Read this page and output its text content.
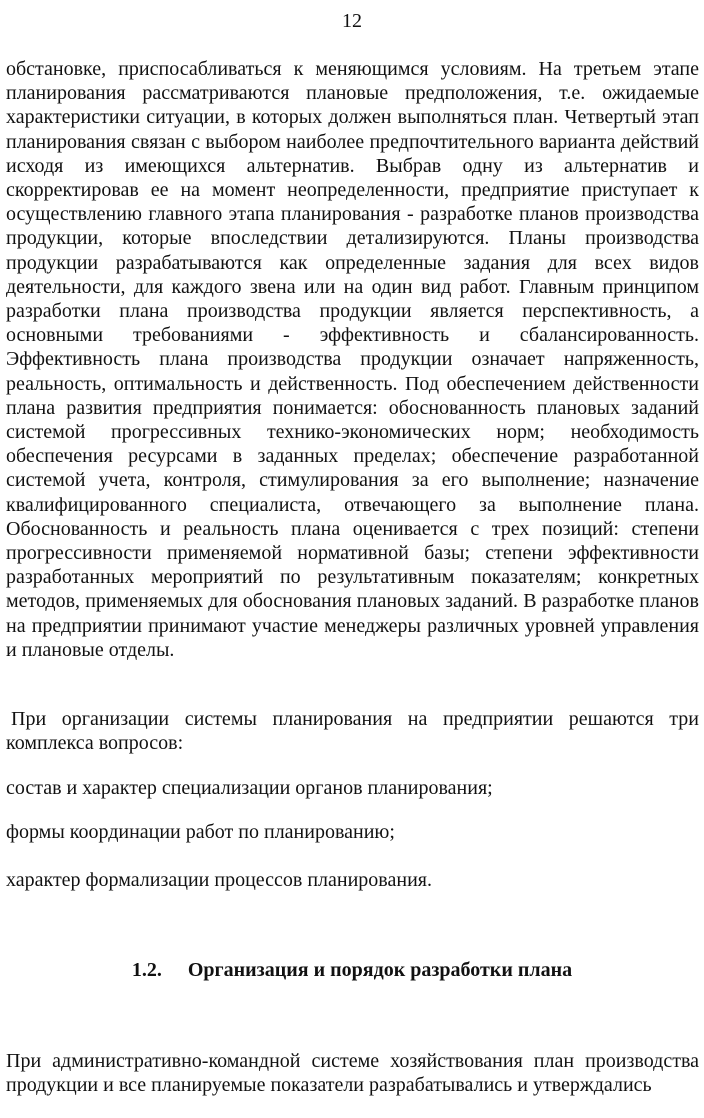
12

обстановке, приспосабливаться к меняющимся условиям. На третьем этапе планирования рассматриваются плановые предположения, т.е. ожидаемые характеристики ситуации, в которых должен выполняться план. Четвертый этап планирования связан с выбором наиболее предпочтительного варианта действий исходя из имеющихся альтернатив. Выбрав одну из альтернатив и скорректировав ее на момент неопределенности, предприятие приступает к осуществлению главного этапа планирования - разработке планов производства продукции, которые впоследствии детализируются. Планы производства продукции разрабатываются как определенные задания для всех видов деятельности, для каждого звена или на один вид работ. Главным принципом разработки плана производства продукции является перспективность, а основными требованиями - эффективность и сбалансированность. Эффективность плана производства продукции означает напряженность, реальность, оптимальность и действенность. Под обеспечением действенности плана развития предприятия понимается: обоснованность плановых заданий системой прогрессивных технико-экономических норм; необходимость обеспечения ресурсами в заданных пределах; обеспечение разработанной системой учета, контроля, стимулирования за его выполнение; назначение квалифицированного специалиста, отвечающего за выполнение плана. Обоснованность и реальность плана оценивается с трех позиций: степени прогрессивности применяемой нормативной базы; степени эффективности разработанных мероприятий по результативным показателям; конкретных методов, применяемых для обоснования плановых заданий. В разработке планов на предприятии принимают участие менеджеры различных уровней управления и плановые отделы.

При организации системы планирования на предприятии решаются три комплекса вопросов:

состав и характер специализации органов планирования;

формы координации работ по планированию;

характер формализации процессов планирования.

1.2. Организация и порядок разработки плана

При административно-командной системе хозяйствования план производства продукции и все планируемые показатели разрабатывались и утверждались
